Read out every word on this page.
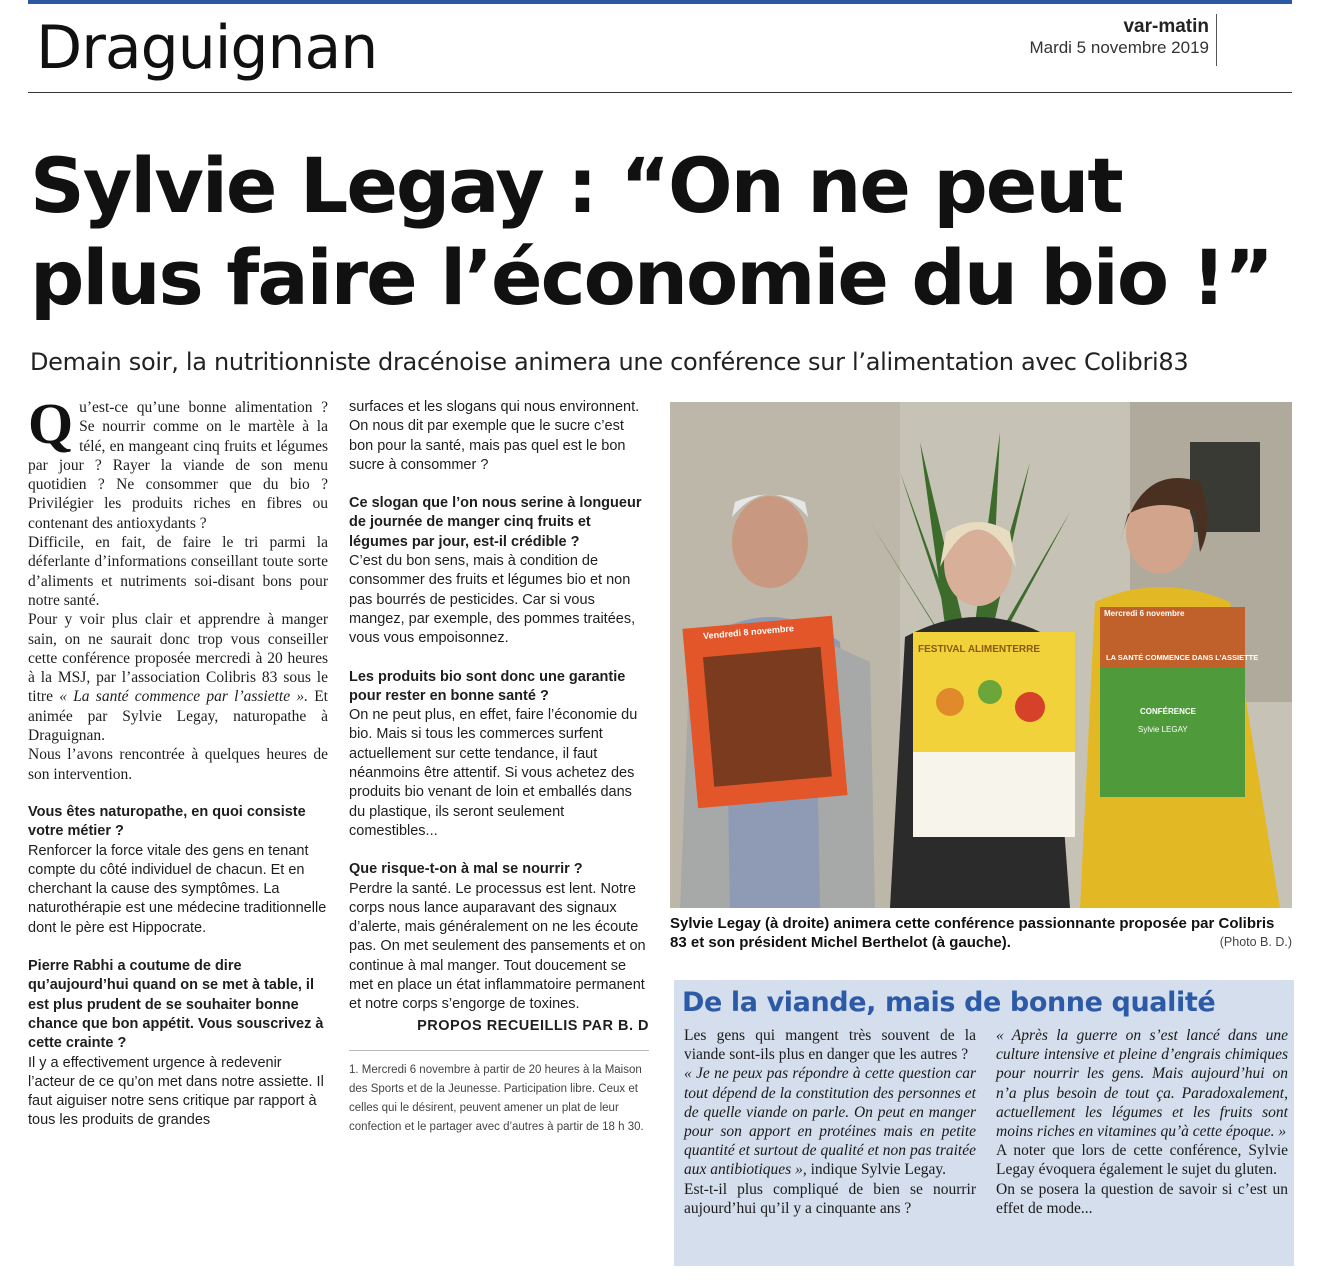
Draguignan	var-matin
Mardi 5 novembre 2019
Sylvie Legay : “On ne peut
plus faire l’économie du bio !”

Demain soir, la nutritionniste dracénoise animera une conférence sur l’alimentation avec Colibri83

Qu’est-ce qu’une bonne alimentation ? Se nourrir comme on le martèle à la télé, en mangeant cinq fruits et légumes par jour ? Rayer la viande de son menu quotidien ? Ne consommer que du bio ? Privilégier les produits riches en fibres ou contenant des antioxydants ?

Difficile, en fait, de faire le tri parmi la déferlante d’informations conseillant toute sorte d’aliments et nutriments soi-disant bons pour notre santé.

Pour y voir plus clair et apprendre à manger sain, on ne saurait donc trop vous conseiller cette conférence proposée mercredi à 20 heures à la MSJ, par l’association Colibris 83 sous le titre « La santé commence par l’assiette ». Et animée par Sylvie Legay, naturopathe à Draguignan.

Nous l’avons rencontrée à quelques heures de son intervention.

Vous êtes naturopathe, en quoi consiste votre métier ?

Renforcer la force vitale des gens en tenant compte du côté individuel de chacun. Et en cherchant la cause des symptômes. La naturothérapie est une médecine traditionnelle dont le père est Hippocrate.

Pierre Rabhi a coutume de dire qu’aujourd’hui quand on se met à table, il est plus prudent de se souhaiter bonne chance que bon appétit. Vous souscrivez à cette crainte ?

Il y a effectivement urgence à redevenir l’acteur de ce qu’on met dans notre assiette. Il faut aiguiser notre sens critique par rapport à tous les produits de grandes

surfaces et les slogans qui nous environnent. On nous dit par exemple que le sucre c’est bon pour la santé, mais pas quel est le bon sucre à consommer ?

Ce slogan que l’on nous serine à longueur de journée de manger cinq fruits et légumes par jour, est-il crédible ?

C’est du bon sens, mais à condition de consommer des fruits et légumes bio et non pas bourrés de pesticides. Car si vous mangez, par exemple, des pommes traitées, vous vous empoisonnez.

Les produits bio sont donc une garantie pour rester en bonne santé ?

On ne peut plus, en effet, faire l’économie du bio. Mais si tous les commerces surfent actuellement sur cette tendance, il faut néanmoins être attentif. Si vous achetez des produits bio venant de loin et emballés dans du plastique, ils seront seulement comestibles...

Que risque-t-on à mal se nourrir ?

Perdre la santé. Le processus est lent. Notre corps nous lance auparavant des signaux d’alerte, mais généralement on ne les écoute pas. On met seulement des pansements et on continue à mal manger. Tout doucement se met en place un état inflammatoire permanent et notre corps s’engorge de toxines.

PROPOS RECUEILLIS PAR B. D

1. Mercredi 6 novembre à partir de 20 heures à la Maison des Sports et de la Jeunesse. Participation libre. Ceux et celles qui le désirent, peuvent amener un plat de leur confection et le partager avec d’autres à partir de 18 h 30.

Vendredi 8 novembre
FESTIVAL ALIMENTERRE
Mercredi 6 novembre
LA SANTÉ COMMENCE DANS L’ASSIETTE
CONFÉRENCE
Sylvie LEGAY
Sylvie Legay (à droite) animera cette conférence passionnante proposée par Colibris 83 et son président Michel Berthelot (à gauche).	(Photo B. D.)
De la viande, mais de bonne qualité

Les gens qui mangent très souvent de la viande sont-ils plus en danger que les autres ?

« Je ne peux pas répondre à cette question car tout dépend de la constitution des personnes et de quelle viande on parle. On peut en manger pour son apport en protéines mais en petite quantité et surtout de qualité et non pas traitée aux antibiotiques », indique Sylvie Legay.

Est-t-il plus compliqué de bien se nourrir aujourd’hui qu’il y a cinquante ans ?

« Après la guerre on s’est lancé dans une culture intensive et pleine d’engrais chimiques pour nourrir les gens. Mais aujourd’hui on n’a plus besoin de tout ça. Paradoxalement, actuellement les légumes et les fruits sont moins riches en vitamines qu’à cette époque. »

A noter que lors de cette conférence, Sylvie Legay évoquera également le sujet du gluten.

On se posera la question de savoir si c’est un effet de mode...
